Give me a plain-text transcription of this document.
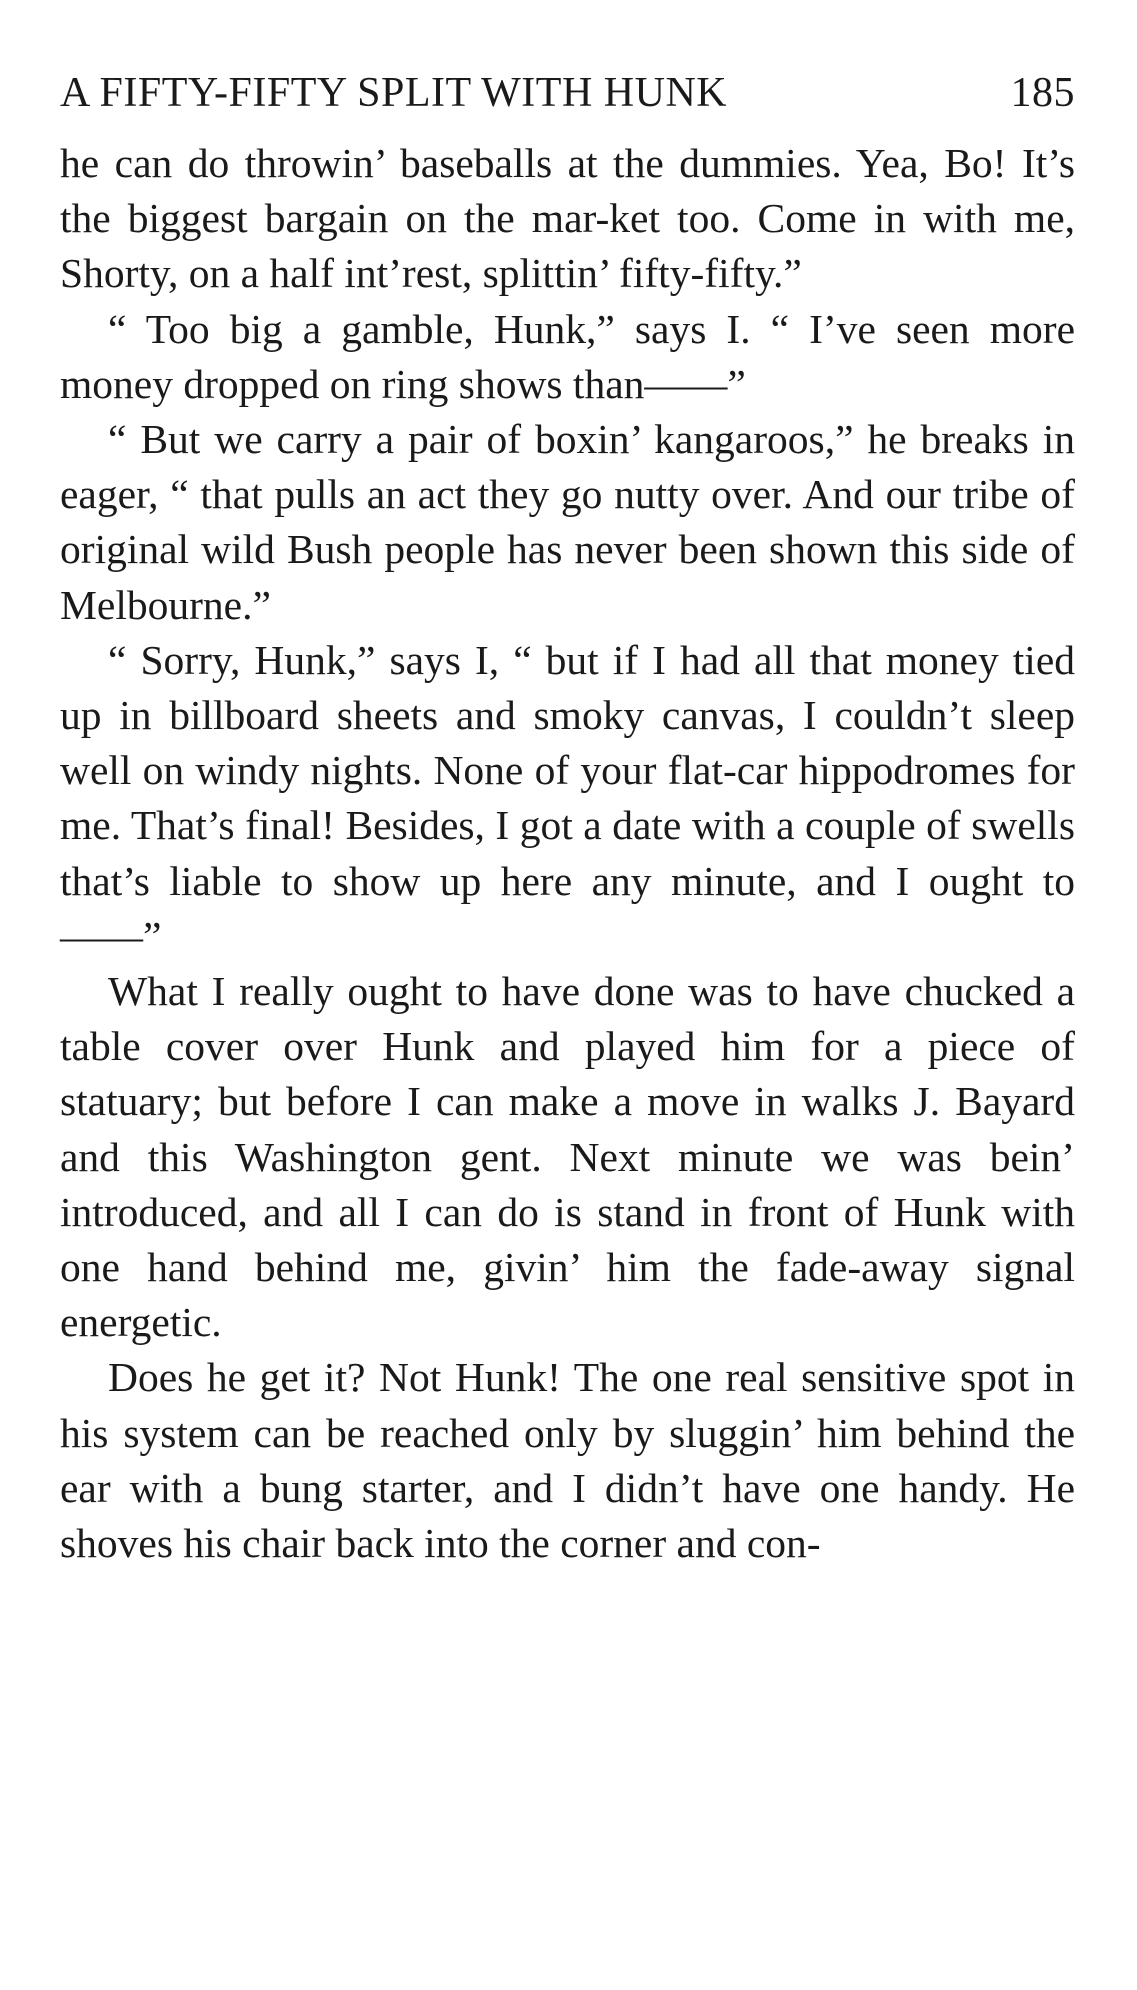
A FIFTY-FIFTY SPLIT WITH HUNK	185

he can do throwin’ baseballs at the dummies. Yea, Bo! It’s the biggest bargain on the mar-ket too. Come in with me, Shorty, on a half int’rest, splittin’ fifty-fifty.”

“ Too big a gamble, Hunk,” says I. “ I’ve seen more money dropped on ring shows than——”

“ But we carry a pair of boxin’ kangaroos,” he breaks in eager, “ that pulls an act they go nutty over. And our tribe of original wild Bush people has never been shown this side of Melbourne.”

“ Sorry, Hunk,” says I, “ but if I had all that money tied up in billboard sheets and smoky canvas, I couldn’t sleep well on windy nights. None of your flat-car hippodromes for me. That’s final! Besides, I got a date with a couple of swells that’s liable to show up here any minute, and I ought to——”

What I really ought to have done was to have chucked a table cover over Hunk and played him for a piece of statuary; but before I can make a move in walks J. Bayard and this Washington gent. Next minute we was bein’ introduced, and all I can do is stand in front of Hunk with one hand behind me, givin’ him the fade-away signal energetic.

Does he get it? Not Hunk! The one real sensitive spot in his system can be reached only by sluggin’ him behind the ear with a bung starter, and I didn’t have one handy. He shoves his chair back into the corner and con-
